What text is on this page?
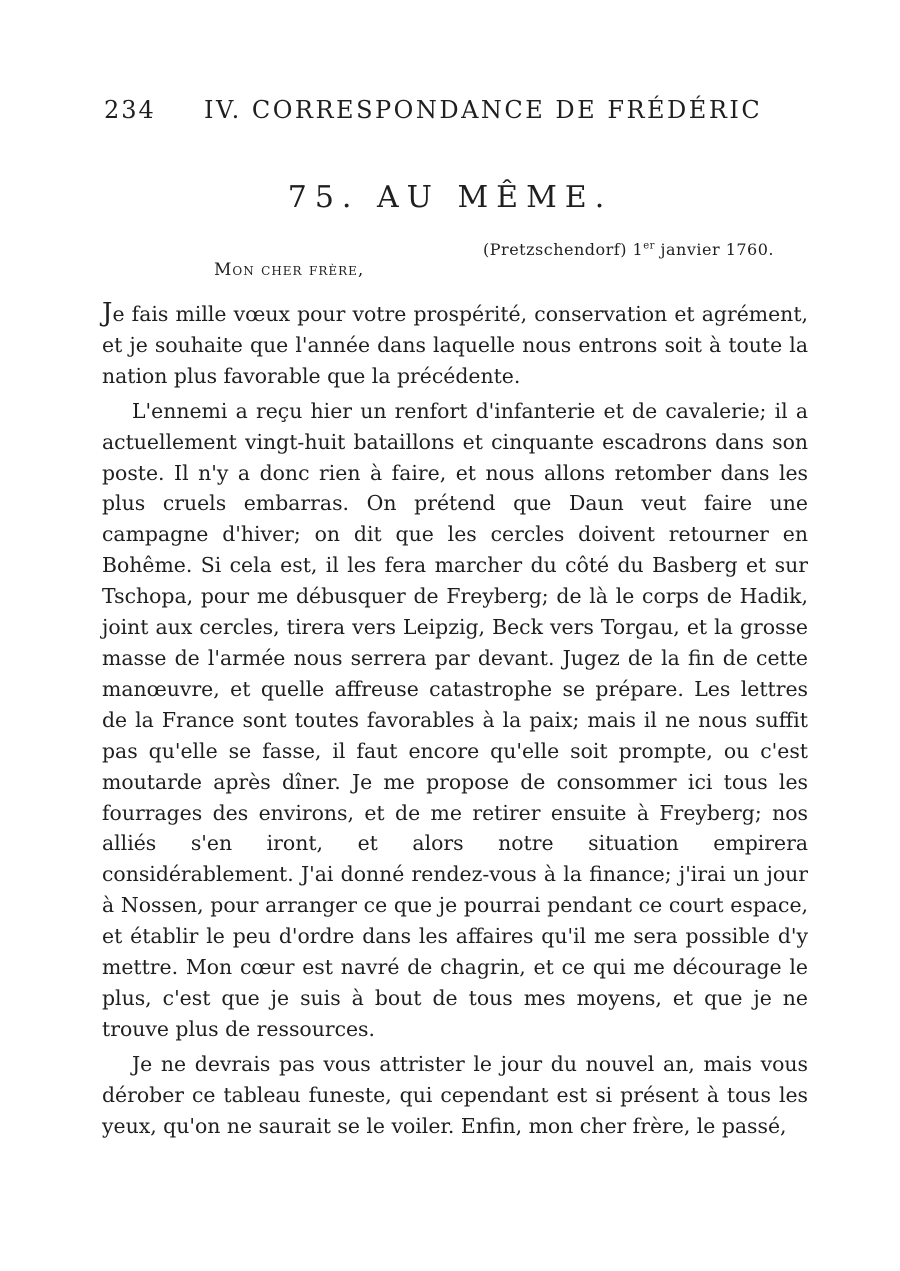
234 IV. CORRESPONDANCE DE FRÉDÉRIC
75. AU MÊME.
(Pretzschendorf) 1er janvier 1760.
Mon cher frère,

Je fais mille vœux pour votre prospérité, conservation et agrément, et je souhaite que l'année dans laquelle nous entrons soit à toute la nation plus favorable que la précédente.

L'ennemi a reçu hier un renfort d'infanterie et de cavalerie; il a actuellement vingt-huit bataillons et cinquante escadrons dans son poste. Il n'y a donc rien à faire, et nous allons retomber dans les plus cruels embarras. On prétend que Daun veut faire une campagne d'hiver; on dit que les cercles doivent retourner en Bohême. Si cela est, il les fera marcher du côté du Basberg et sur Tschopa, pour me débusquer de Freyberg; de là le corps de Hadik, joint aux cercles, tirera vers Leipzig, Beck vers Torgau, et la grosse masse de l'armée nous serrera par devant. Jugez de la fin de cette manœuvre, et quelle affreuse catastrophe se prépare. Les lettres de la France sont toutes favorables à la paix; mais il ne nous suffit pas qu'elle se fasse, il faut encore qu'elle soit prompte, ou c'est moutarde après dîner. Je me propose de consommer ici tous les fourrages des environs, et de me retirer ensuite à Freyberg; nos alliés s'en iront, et alors notre situation empirera considérablement. J'ai donné rendez-vous à la finance; j'irai un jour à Nossen, pour arranger ce que je pourrai pendant ce court espace, et établir le peu d'ordre dans les affaires qu'il me sera possible d'y mettre. Mon cœur est navré de chagrin, et ce qui me décourage le plus, c'est que je suis à bout de tous mes moyens, et que je ne trouve plus de ressources.

Je ne devrais pas vous attrister le jour du nouvel an, mais vous dérober ce tableau funeste, qui cependant est si présent à tous les yeux, qu'on ne saurait se le voiler. Enfin, mon cher frère, le passé,
